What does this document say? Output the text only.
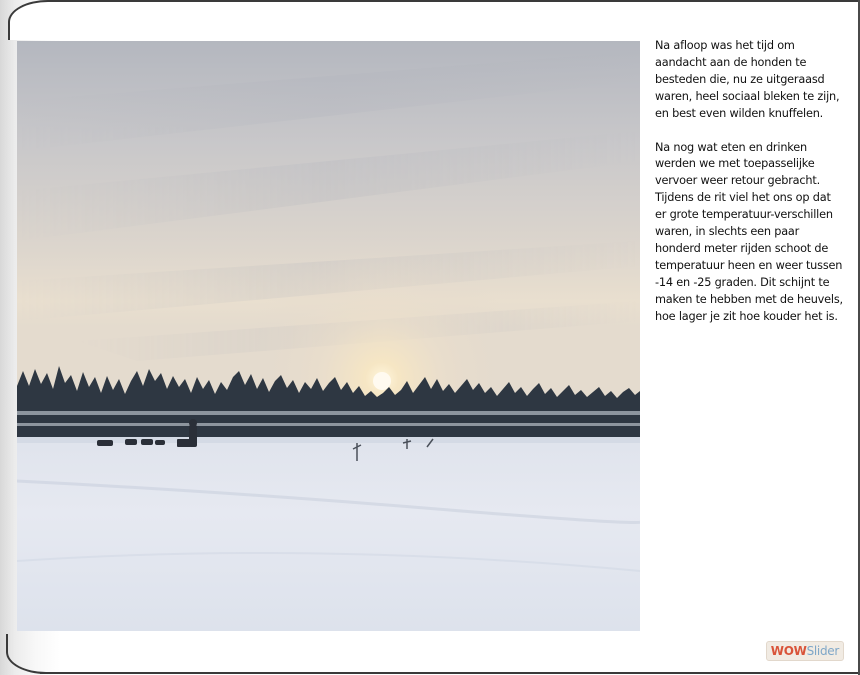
Na afloop was het tijd om aandacht aan de honden te besteden die, nu ze uitgeraasd waren, heel sociaal bleken te zijn, en best even wilden knuffelen.

Na nog wat eten en drinken werden we met toepasselijke vervoer weer retour gebracht. Tijdens de rit viel het ons op dat er grote temperatuur-verschillen waren, in slechts een paar honderd meter rijden schoot de temperatuur heen en weer tussen -14 en -25 graden. Dit schijnt te maken te hebben met de heuvels, hoe lager je zit hoe kouder het is.

WOWSlider
